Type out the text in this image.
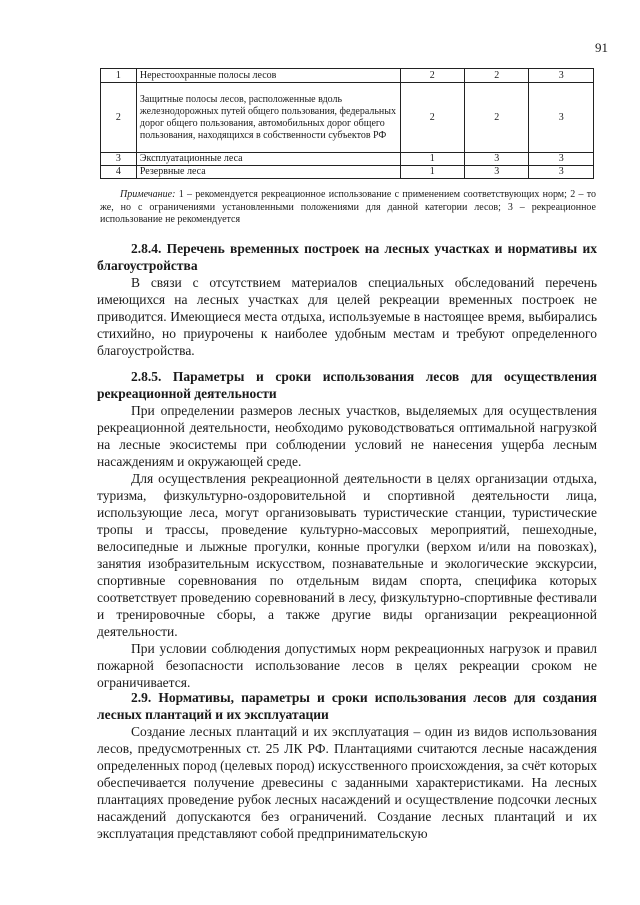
91
1	Нерестоохранные полосы лесов	2	2	3
2	Защитные полосы лесов, расположенные вдоль железнодорожных путей общего пользования, федеральных дорог общего пользования, автомобильных дорог общего пользования, находящихся в собственности субъектов РФ	2	2	3
3	Эксплуатационные леса	1	3	3
4	Резервные леса	1	3	3
Примечание: 1 – рекомендуется рекреационное использование с применением соответствующих норм; 2 – то же, но с ограничениями установленными положениями для данной категории лесов; 3 – рекреационное использование не рекомендуется
2.8.4. Перечень временных построек на лесных участках и нормативы их благоустройства

В связи с отсутствием материалов специальных обследований перечень имеющихся на лесных участках для целей рекреации временных построек не приводится. Имеющиеся места отдыха, используемые в настоящее время, выбирались стихийно, но приурочены к наиболее удобным местам и требуют определенного благоустройства.

2.8.5. Параметры и сроки использования лесов для осуществления рекреационной деятельности

При определении размеров лесных участков, выделяемых для осуществления рекреационной деятельности, необходимо руководствоваться оптимальной нагрузкой на лесные экосистемы при соблюдении условий не нанесения ущерба лесным насаждениям и окружающей среде.

Для осуществления рекреационной деятельности в целях организации отдыха, туризма, физкультурно-оздоровительной и спортивной деятельности лица, использующие леса, могут организовывать туристические станции, туристические тропы и трассы, проведение культурно-массовых мероприятий, пешеходные, велосипедные и лыжные прогулки, конные прогулки (верхом и/или на повозках), занятия изобразительным искусством, познавательные и экологические экскурсии, спортивные соревнования по отдельным видам спорта, специфика которых соответствует проведению соревнований в лесу, физкультурно-спортивные фестивали и тренировочные сборы, а также другие виды организации рекреационной деятельности.

При условии соблюдения допустимых норм рекреационных нагрузок и правил пожарной безопасности использование лесов в целях рекреации сроком не ограничивается.

2.9. Нормативы, параметры и сроки использования лесов для создания лесных плантаций и их эксплуатации

Создание лесных плантаций и их эксплуатация – один из видов использования лесов, предусмотренных ст. 25 ЛК РФ. Плантациями считаются лесные насаждения определенных пород (целевых пород) искусственного происхождения, за счёт которых обеспечивается получение древесины с заданными характеристиками. На лесных плантациях проведение рубок лесных насаждений и осуществление подсочки лесных насаждений допускаются без ограничений. Создание лесных плантаций и их эксплуатация представляют собой предпринимательскую
